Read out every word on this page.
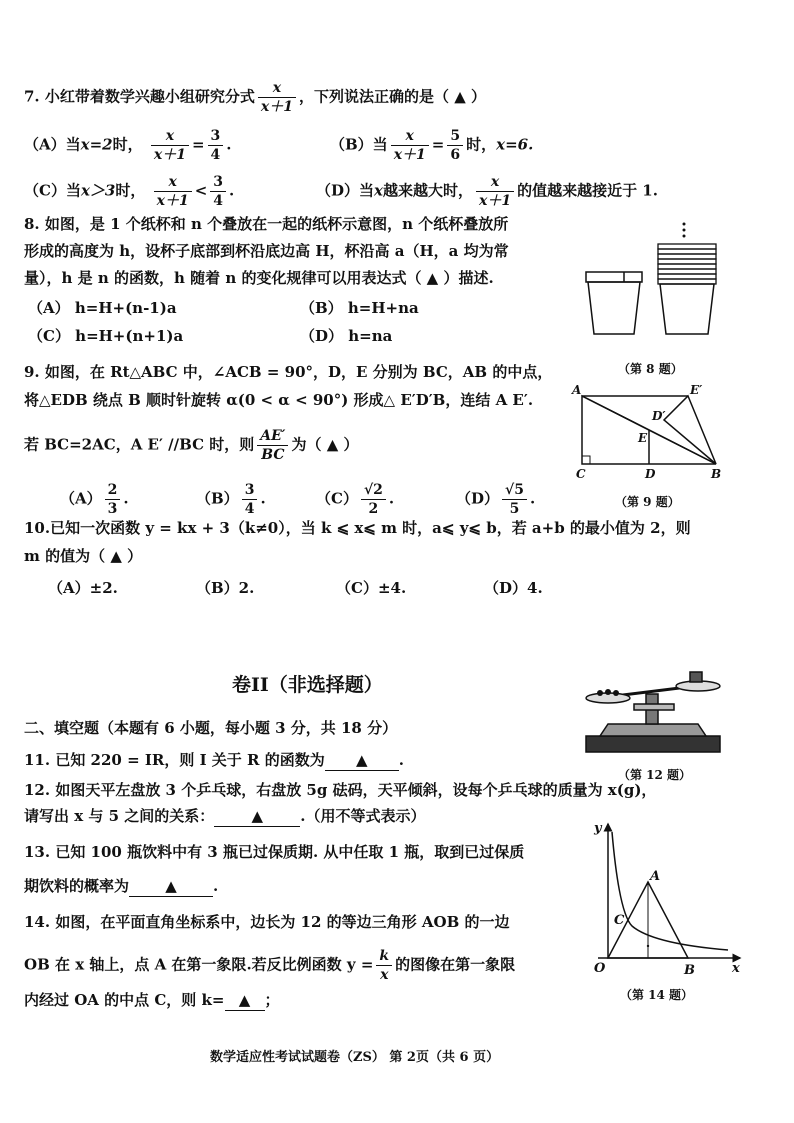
7. 小红带着数学兴趣小组研究分式 $\frac{x}{x+1}$ ，下列说法正确的是（ ▲ ）
（A）当x=2时， $\frac{x}{x+1} = \frac{3}{4}$ .	（B）当 $\frac{x}{x+1} = \frac{5}{6}$ 时，x=6.
（C）当x＞3时， $\frac{x}{x+1} < \frac{3}{4}$ .	（D）当x越来越大时， $\frac{x}{x+1}$ 的值越来越接近于 1.
8. 如图，是 1 个纸杯和 n 个叠放在一起的纸杯示意图，n 个纸杯叠放所
形成的高度为 h，设杯子底部到杯沿底边高 H，杯沿高 a（H，a 均为常
量），h 是 n 的函数，h 随着 n 的变化规律可以用表达式（ ▲ ）描述.
（A） h=H+(n-1)a	（B） h=H+na
（C） h=H+(n+1)a	（D） h=na
（第 8 题）
9. 如图，在 Rt△ABC 中，∠ACB = 90°，D，E 分别为 BC，AB 的中点，
将△EDB 绕点 B 顺时针旋转 α(0 < α < 90°) 形成△ E′D′B，连结 A E′.
若 BC=2AC，A E′ //BC 时，则 $\frac{AE'}{BC}$ 为（ ▲ ）
$(A) \frac{2}{3}$ .	$(B) \frac{3}{4}$ .	$(C) \frac{√2}{2}$ .	$(D) \frac{√5}{5}$ .
A	E′
D′
E
C	D	B
（第 9 题）
10.已知一次函数 y = kx + 3（k≠0），当 k ⩽ x⩽ m 时，a⩽ y⩽ b，若 a+b 的最小值为 2，则
m 的值为（ ▲ ）
（A）±2.	（B）2.	（C）±4.	（D）4.
卷II（非选择题）
二、填空题（本题有 6 小题，每小题 3 分，共 18 分）
（第 12 题）
11. 已知 220 = IR，则 I 关于 R 的函数为 ▲ .
12. 如图天平左盘放 3 个乒乓球，右盘放 5g 砝码，天平倾斜，设每个乒乓球的质量为 x(g)，
请写出 x 与 5 之间的关系： ▲ .（用不等式表示）
13. 已知 100 瓶饮料中有 3 瓶已过保质期. 从中任取 1 瓶，取到已过保质
期饮料的概率为 ▲ .
14. 如图，在平面直角坐标系中，边长为 12 的等边三角形 AOB 的一边
OB 在 x 轴上，点 A 在第一象限.若反比例函数 $y = \frac{k}{x}$ 的图像在第一象限
内经过 OA 的中点 C，则 k= ▲ ；
y
A
C
O	B	x
（第 14 题）
数学适应性考试试题卷（ZS） 第 2页（共 6 页）
